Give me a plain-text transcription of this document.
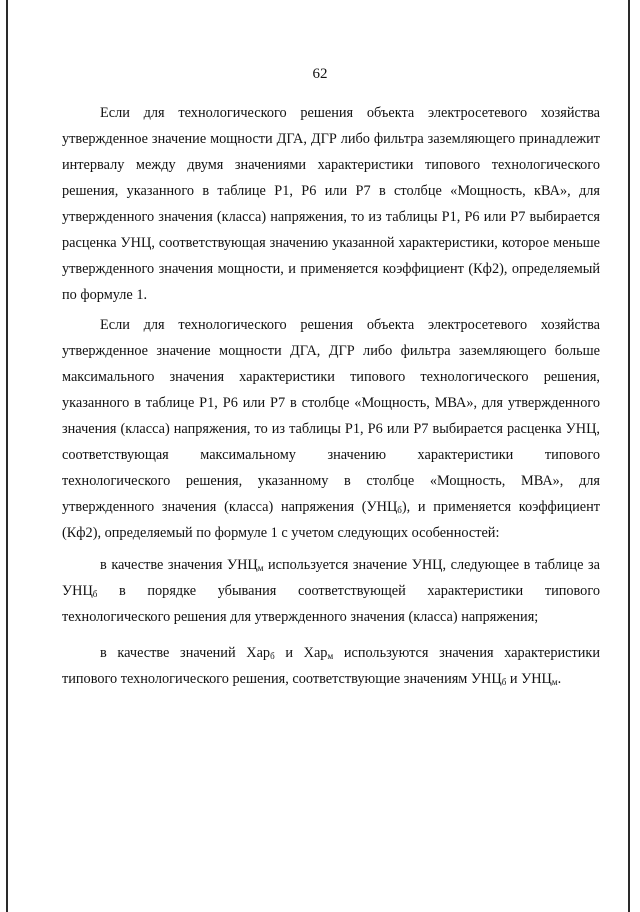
62

Если для технологического решения объекта электросетевого хозяйства утвержденное значение мощности ДГА, ДГР либо фильтра заземляющего принадлежит интервалу между двумя значениями характеристики типового технологического решения, указанного в таблице Р1, Р6 или Р7 в столбце «Мощность, кВА», для утвержденного значения (класса) напряжения, то из таблицы Р1, Р6 или Р7 выбирается расценка УНЦ, соответствующая значению указанной характеристики, которое меньше утвержденного значения мощности, и применяется коэффициент (Кф2), определяемый по формуле 1.

Если для технологического решения объекта электросетевого хозяйства утвержденное значение мощности ДГА, ДГР либо фильтра заземляющего больше максимального значения характеристики типового технологического решения, указанного в таблице Р1, Р6 или Р7 в столбце «Мощность, МВА», для утвержденного значения (класса) напряжения, то из таблицы Р1, Р6 или Р7 выбирается расценка УНЦ, соответствующая максимальному значению характеристики типового технологического решения, указанному в столбце «Мощность, МВА», для утвержденного значения (класса) напряжения $(УНЦ_б)$, и применяется коэффициент (Кф2), определяемый по формуле 1 с учетом следующих особенностей:

в качестве значения $УНЦ_м$ используется значение УНЦ, следующее в таблице за $УНЦ_б$ в порядке убывания соответствующей характеристики типового технологического решения для утвержденного значения (класса) напряжения;

в качестве значений Хар$_б$ и Хар$_м$ используются значения характеристики типового технологического решения, соответствующие значениям $УНЦ_б$ и $УНЦ_м$.
